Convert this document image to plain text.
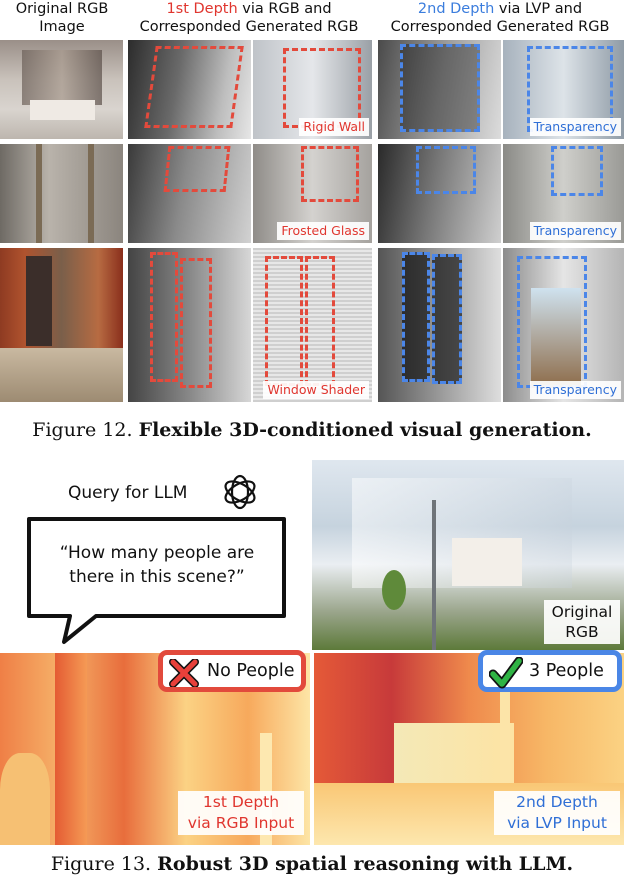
Original RGB
Image
1st Depth via RGB and
Corresponded Generated RGB
2nd Depth via LVP and
Corresponded Generated RGB
Rigid Wall	Transparency
Frosted Glass	Transparency
Window Shader	Transparency
Figure 12. Flexible 3D-conditioned visual generation.
Query for LLM
“How many people are there in this scene?”
Original
RGB
No People	3 People
1st Depth
via RGB Input
2nd Depth
via LVP Input
Figure 13. Robust 3D spatial reasoning with LLM.
